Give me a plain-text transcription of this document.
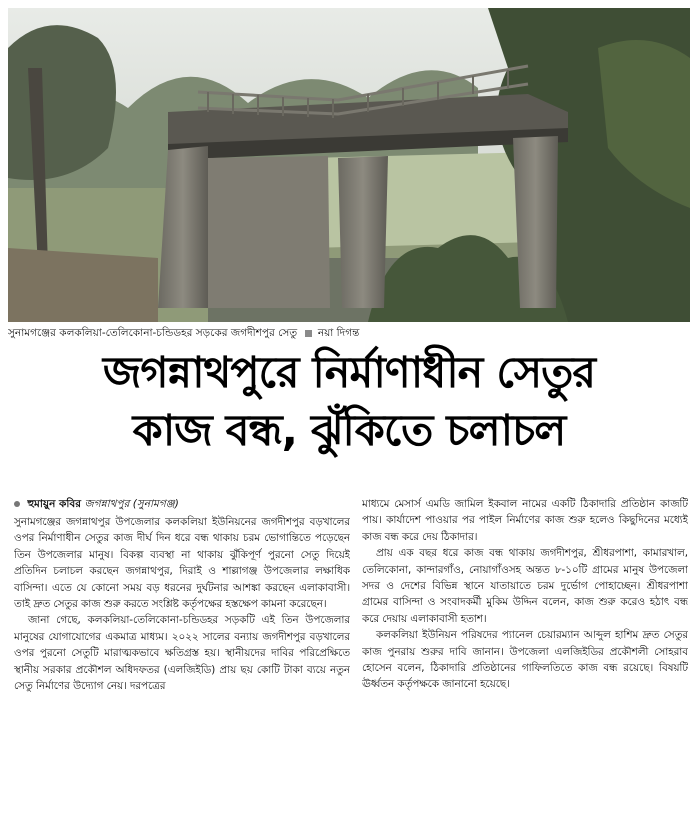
সুনামগঞ্জের কলকলিয়া-তেলিকোনা-চন্ডিডহর সড়কের জগদীশপুর সেতু নয়া দিগন্ত
জগন্নাথপুরে নির্মাণাধীন সেতুর
কাজ বন্ধ, ঝুঁকিতে চলাচল
হুমায়ুন কবির জগন্নাথপুর (সুনামগঞ্জ)

সুনামগঞ্জের জগন্নাথপুর উপজেলার কলকলিয়া ইউনিয়নের জগদীশপুর বড়খালের ওপর নির্মাণাধীন সেতুর কাজ দীর্ঘ দিন ধরে বন্ধ থাকায় চরম ভোগান্তিতে পড়েছেন তিন উপজেলার মানুষ। বিকল্প ব্যবস্থা না থাকায় ঝুঁকিপূর্ণ পুরনো সেতু দিয়েই প্রতিদিন চলাচল করছেন জগন্নাথপুর, দিরাই ও শাল্লাগঞ্জ উপজেলার লক্ষাধিক বাসিন্দা। এতে যে কোনো সময় বড় ধরনের দুর্ঘটনার আশঙ্কা করছেন এলাকাবাসী। তাই দ্রুত সেতুর কাজ শুরু করতে সংশ্লিষ্ট কর্তৃপক্ষের হস্তক্ষেপ কামনা করেছেন।

জানা গেছে, কলকলিয়া-তেলিকোনা-চন্ডিডহর সড়কটি এই তিন উপজেলার মানুষের যোগাযোগের একমাত্র মাধ্যম। ২০২২ সালের বন্যায় জগদীশপুর বড়খালের ওপর পুরনো সেতুটি মারাত্মকভাবে ক্ষতিগ্রস্ত হয়। স্থানীয়দের দাবির পরিপ্রেক্ষিতে স্থানীয় সরকার প্রকৌশল অধিদফতর (এলজিইডি) প্রায় ছয় কোটি টাকা ব্যয়ে নতুন সেতু নির্মাণের উদ্যোগ নেয়। দরপত্রের

মাধ্যমে মেসার্স এমডি জামিল ইকবাল নামের একটি ঠিকাদারি প্রতিষ্ঠান কাজটি পায়। কার্যাদেশ পাওয়ার পর পাইল নির্মাণের কাজ শুরু হলেও কিছুদিনের মধ্যেই কাজ বন্ধ করে দেয় ঠিকাদার।

প্রায় এক বছর ধরে কাজ বন্ধ থাকায় জগদীশপুর, শ্রীধরপাশা, কামারখাল, তেলিকোনা, কান্দারগাঁও, নোয়াগাঁওসহ অন্তত ৮-১০টি গ্রামের মানুষ উপজেলা সদর ও দেশের বিভিন্ন স্থানে যাতায়াতে চরম দুর্ভোগ পোহাচ্ছেন। শ্রীধরপাশা গ্রামের বাসিন্দা ও সংবাদকর্মী মুকিম উদ্দিন বলেন, কাজ শুরু করেও হঠাৎ বন্ধ করে দেয়ায় এলাকাবাসী হতাশ।

কলকলিয়া ইউনিয়ন পরিষদের প্যানেল চেয়ারম্যান আব্দুল হাশিম দ্রুত সেতুর কাজ পুনরায় শুরুর দাবি জানান। উপজেলা এলজিইডির প্রকৌশলী সোহরাব হোসেন বলেন, ঠিকাদারি প্রতিষ্ঠানের গাফিলতিতে কাজ বন্ধ রয়েছে। বিষয়টি ঊর্ধ্বতন কর্তৃপক্ষকে জানানো হয়েছে।
